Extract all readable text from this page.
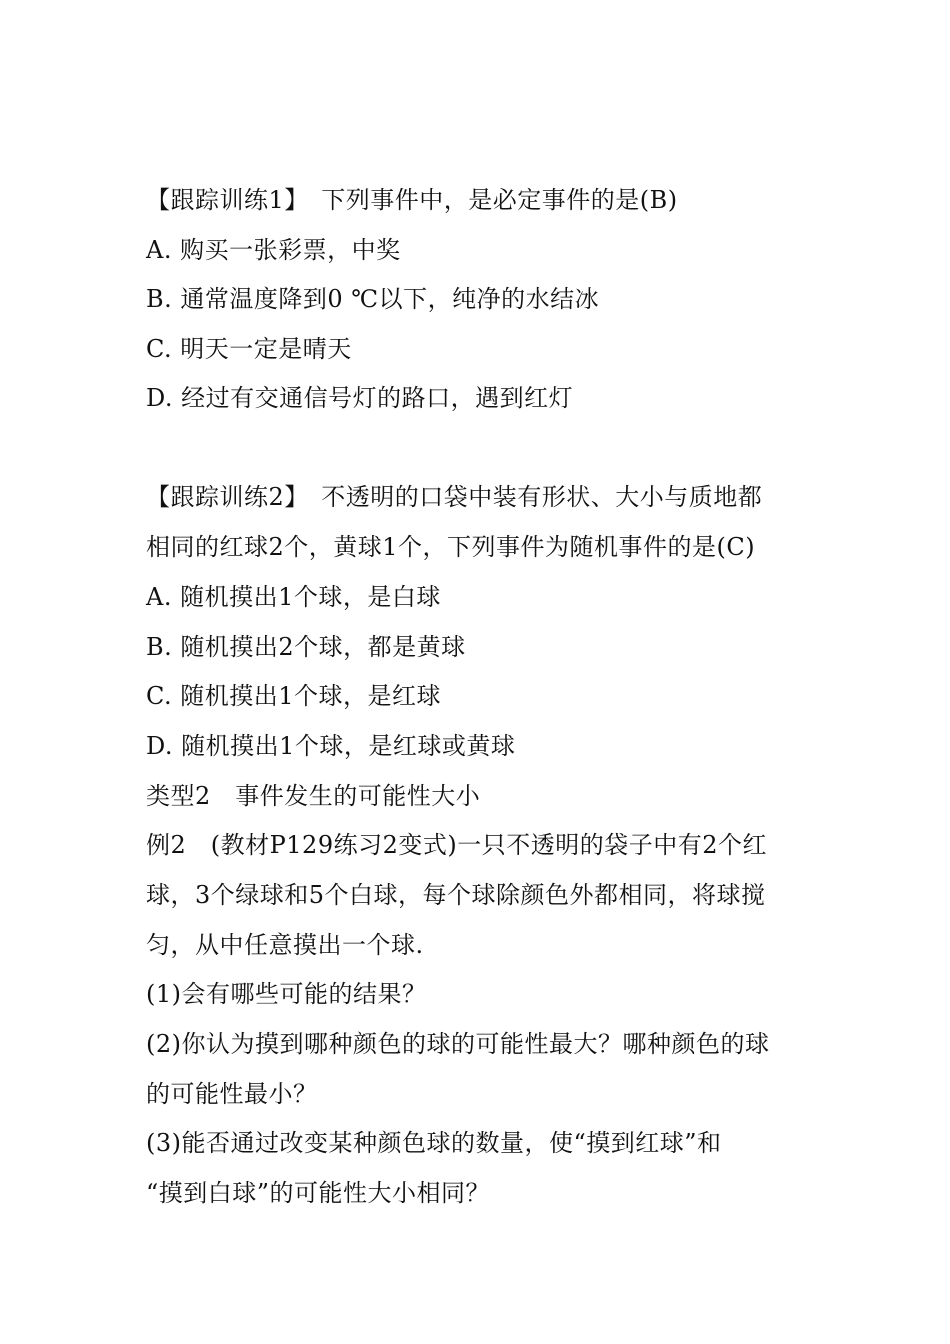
【跟踪训练1】　下列事件中，是必定事件的是(B)
A. 购买一张彩票，中奖
B. 通常温度降到0 ℃以下，纯净的水结冰
C. 明天一定是晴天
D. 经过有交通信号灯的路口，遇到红灯
【跟踪训练2】　不透明的口袋中装有形状、大小与质地都
相同的红球2个，黄球1个，下列事件为随机事件的是(C)
A. 随机摸出1个球，是白球
B. 随机摸出2个球，都是黄球
C. 随机摸出1个球，是红球
D. 随机摸出1个球，是红球或黄球
类型2　事件发生的可能性大小
例2　(教材P129练习2变式)一只不透明的袋子中有2个红
球，3个绿球和5个白球，每个球除颜色外都相同，将球搅
匀，从中任意摸出一个球.
(1)会有哪些可能的结果？
(2)你认为摸到哪种颜色的球的可能性最大？哪种颜色的球
的可能性最小？
(3)能否通过改变某种颜色球的数量，使“摸到红球”和
“摸到白球”的可能性大小相同？
